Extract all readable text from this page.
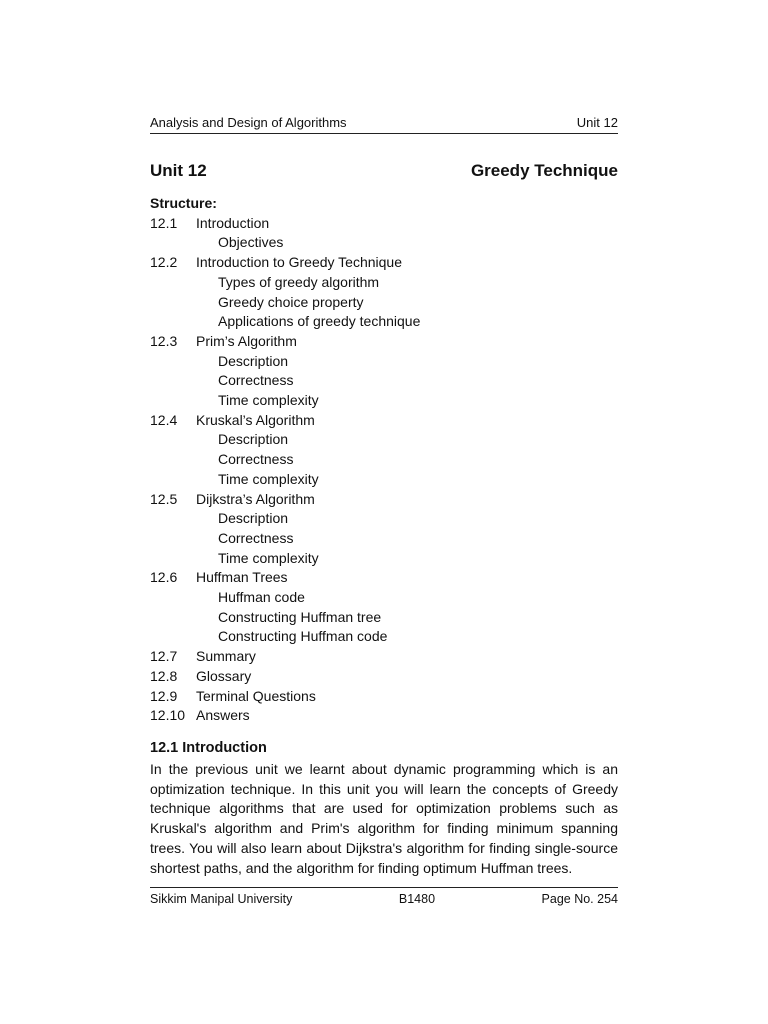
Analysis and Design of Algorithms	Unit 12
Unit 12	Greedy Technique
Structure:
12.1	Introduction
Objectives
12.2	Introduction to Greedy Technique
Types of greedy algorithm
Greedy choice property
Applications of greedy technique
12.3	Prim’s Algorithm
Description
Correctness
Time complexity
12.4	Kruskal’s Algorithm
Description
Correctness
Time complexity
12.5	Dijkstra’s Algorithm
Description
Correctness
Time complexity
12.6	Huffman Trees
Huffman code
Constructing Huffman tree
Constructing Huffman code
12.7	Summary
12.8	Glossary
12.9	Terminal Questions
12.10 Answers
12.1 Introduction

In the previous unit we learnt about dynamic programming which is an optimization technique. In this unit you will learn the concepts of Greedy technique algorithms that are used for optimization problems such as Kruskal's algorithm and Prim's algorithm for finding minimum spanning trees. You will also learn about Dijkstra's algorithm for finding single-source shortest paths, and the algorithm for finding optimum Huffman trees.

Sikkim Manipal University	B1480	Page No. 254
